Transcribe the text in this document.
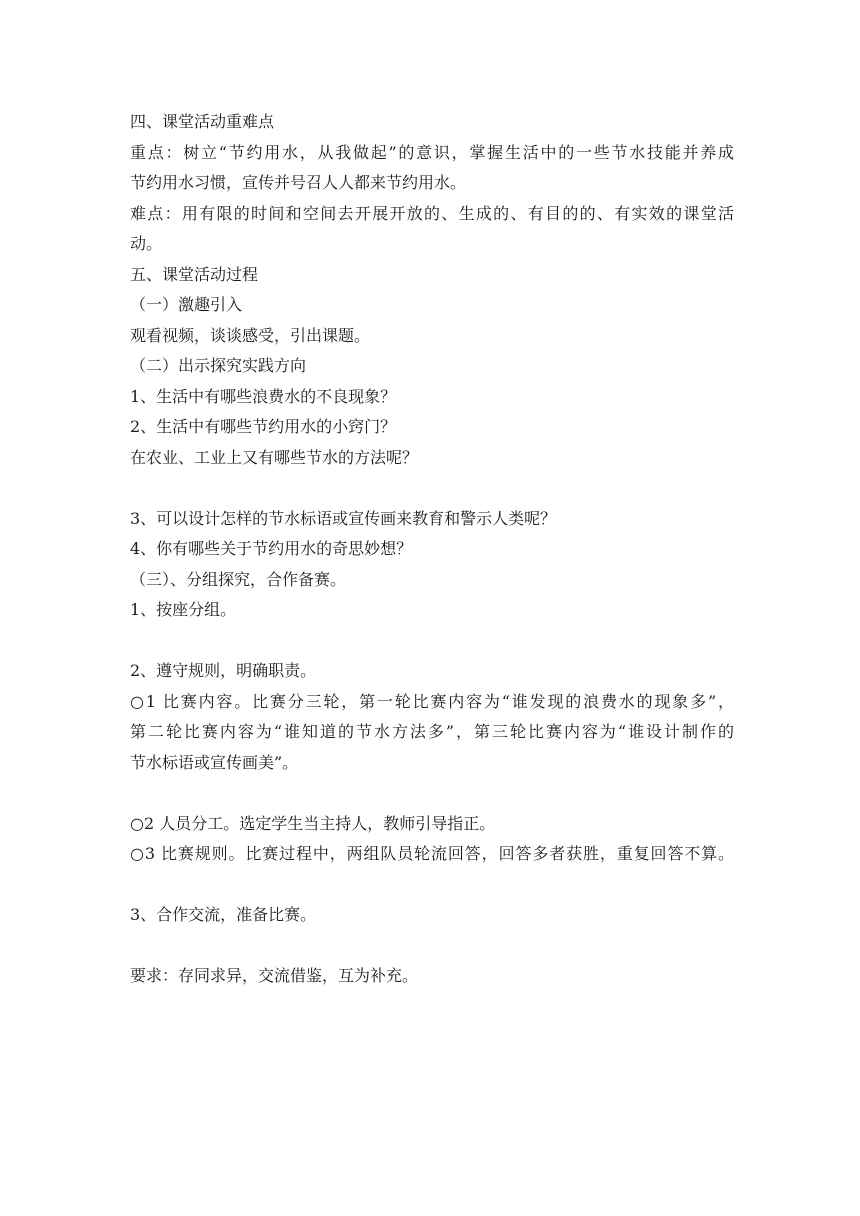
四、课堂活动重难点
重点：树立“节约用水，从我做起”的意识，掌握生活中的一些节水技能并养成
节约用水习惯，宣传并号召人人都来节约用水。
难点：用有限的时间和空间去开展开放的、生成的、有目的的、有实效的课堂活
动。
五、课堂活动过程
（一）激趣引入
观看视频，谈谈感受，引出课题。
（二）出示探究实践方向
1、生活中有哪些浪费水的不良现象？
2、生活中有哪些节约用水的小窍门？
在农业、工业上又有哪些节水的方法呢？
3、可以设计怎样的节水标语或宣传画来教育和警示人类呢？
4、你有哪些关于节约用水的奇思妙想？
（三）、分组探究，合作备赛。
1、按座分组。
2、遵守规则，明确职责。
○1 比赛内容。比赛分三轮，第一轮比赛内容为“谁发现的浪费水的现象多”，
第二轮比赛内容为“谁知道的节水方法多”，第三轮比赛内容为“谁设计制作的
节水标语或宣传画美”。
○2 人员分工。选定学生当主持人，教师引导指正。
○3 比赛规则。比赛过程中，两组队员轮流回答，回答多者获胜，重复回答不算。
3、合作交流，准备比赛。
要求：存同求异，交流借鉴，互为补充。
